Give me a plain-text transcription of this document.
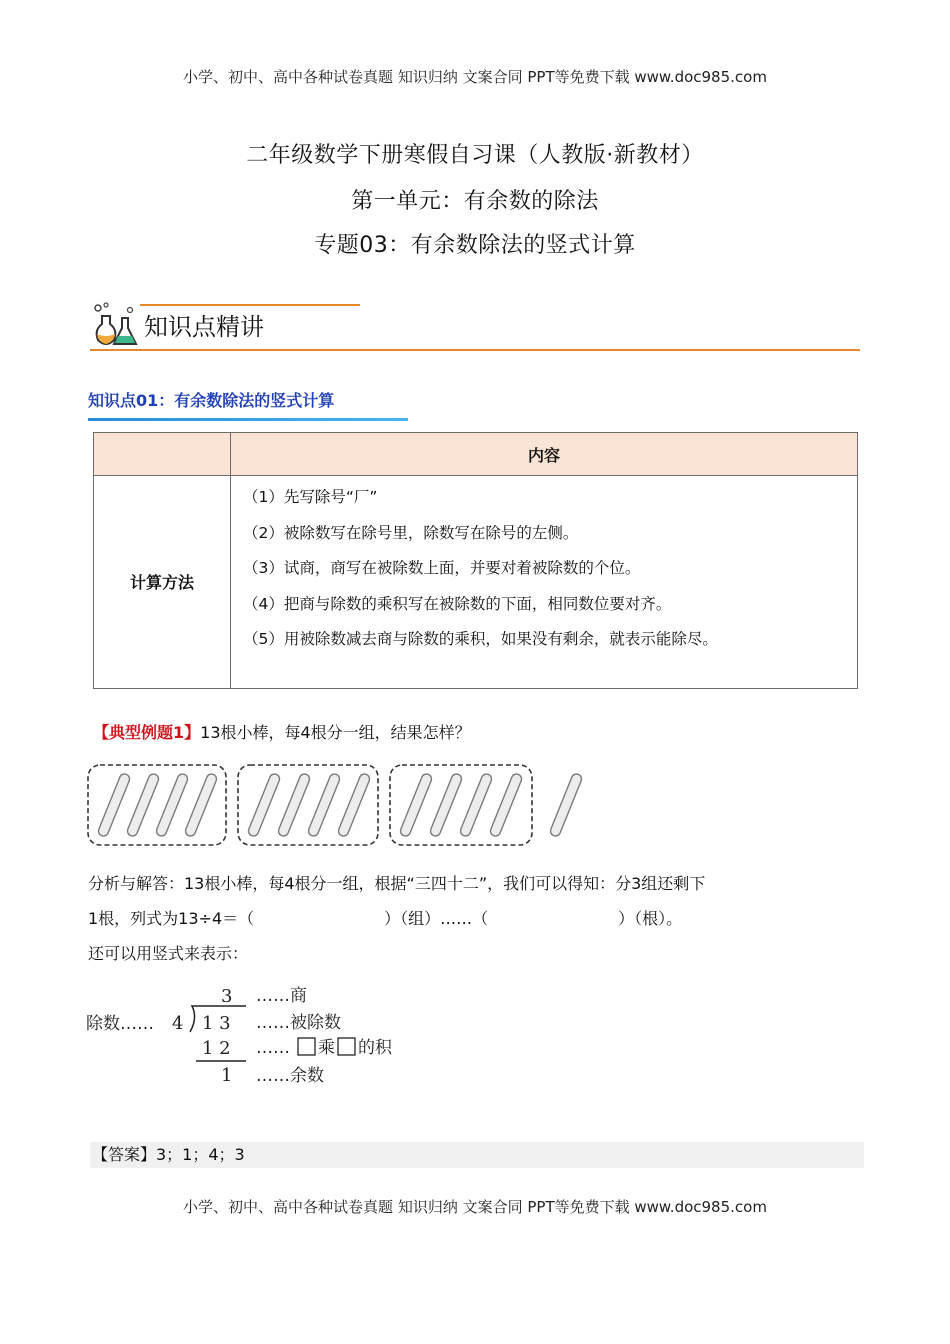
小学、初中、高中各种试卷真题 知识归纳 文案合同 PPT等免费下载 www.doc985.com
二年级数学下册寒假自习课（人教版·新教材）
第一单元：有余数的除法
专题03：有余数除法的竖式计算
知识点精讲
知识点01：有余数除法的竖式计算
	内容
计算方法	（1）先写除号“厂”
（2）被除数写在除号里，除数写在除号的左侧。
（3）试商，商写在被除数上面，并要对着被除数的个位。
（4）把商与除数的乘积写在被除数的下面，相同数位要对齐。
（5）用被除数减去商与除数的乘积，如果没有剩余，就表示能除尽。
【典型例题1】13根小棒，每4根分一组，结果怎样？
分析与解答：13根小棒，每4根分一组，根据“三四十二”，我们可以得知：分3组还剩下
1根，列式为13÷4＝（	）（组）……（	）（根）。
还可以用竖式来表示：
除数…… 4
3
1 3
1 2
1
……商
……被除数
…… 乘 的积
……余数
【答案】3；1；4；3
小学、初中、高中各种试卷真题 知识归纳 文案合同 PPT等免费下载 www.doc985.com
